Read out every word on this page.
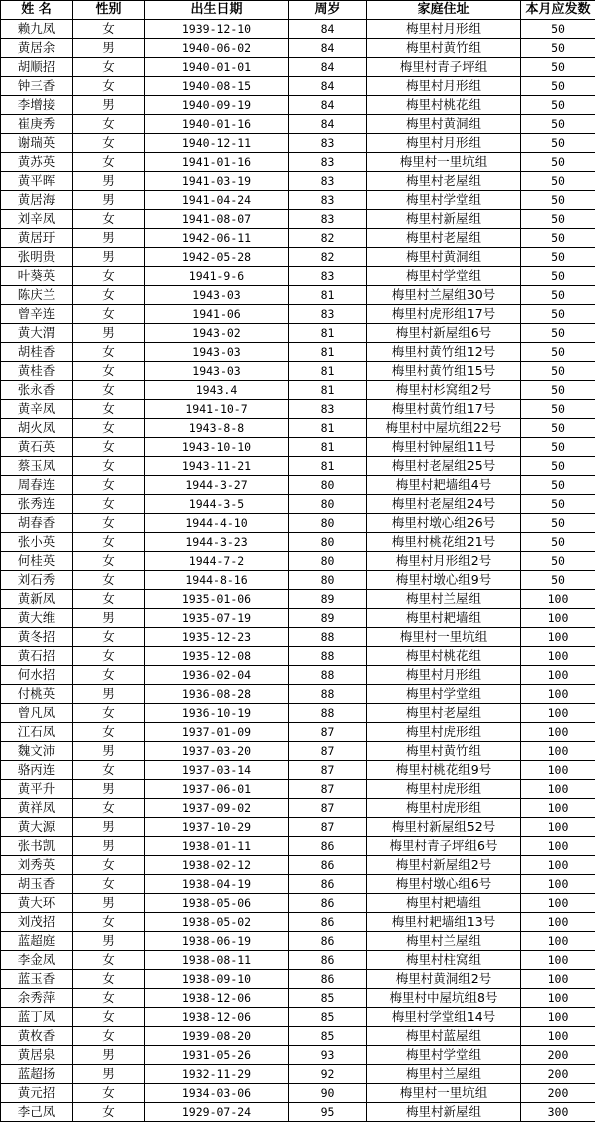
姓 名	性别	出生日期	周岁	家庭住址	本月应发数
赖九凤	女	1939-12-10	84	梅里村月形组	50
黄居余	男	1940-06-02	84	梅里村黄竹组	50
胡顺招	女	1940-01-01	84	梅里村青子坪组	50
钟三香	女	1940-08-15	84	梅里村月形组	50
李增接	男	1940-09-19	84	梅里村桃花组	50
崔庚秀	女	1940-01-16	84	梅里村黄洞组	50
谢瑞英	女	1940-12-11	83	梅里村月形组	50
黄苏英	女	1941-01-16	83	梅里村一里坑组	50
黄平晖	男	1941-03-19	83	梅里村老屋组	50
黄居海	男	1941-04-24	83	梅里村学堂组	50
刘辛凤	女	1941-08-07	83	梅里村新屋组	50
黄居玗	男	1942-06-11	82	梅里村老屋组	50
张明贵	男	1942-05-28	82	梅里村黄洞组	50
叶葵英	女	1941-9-6	83	梅里村学堂组	50
陈庆兰	女	1943-03	81	梅里村兰屋组30号	50
曾辛连	女	1941-06	83	梅里村虎形组17号	50
黄大渭	男	1943-02	81	梅里村新屋组6号	50
胡桂香	女	1943-03	81	梅里村黄竹组12号	50
黄桂香	女	1943-03	81	梅里村黄竹组15号	50
张永香	女	1943.4	81	梅里村杉窝组2号	50
黄辛凤	女	1941-10-7	83	梅里村黄竹组17号	50
胡火凤	女	1943-8-8	81	梅里村中屋坑组22号	50
黄石英	女	1943-10-10	81	梅里村钟屋组11号	50
蔡玉凤	女	1943-11-21	81	梅里村老屋组25号	50
周春连	女	1944-3-27	80	梅里村耙墙组4号	50
张秀连	女	1944-3-5	80	梅里村老屋组24号	50
胡春香	女	1944-4-10	80	梅里村墩心组26号	50
张小英	女	1944-3-23	80	梅里村桃花组21号	50
何桂英	女	1944-7-2	80	梅里村月形组2号	50
刘石秀	女	1944-8-16	80	梅里村墩心组9号	50
黄新凤	女	1935-01-06	89	梅里村兰屋组	100
黄大维	男	1935-07-19	89	梅里村耙墙组	100
黄冬招	女	1935-12-23	88	梅里村一里坑组	100
黄石招	女	1935-12-08	88	梅里村桃花组	100
何水招	女	1936-02-04	88	梅里村月形组	100
付桃英	男	1936-08-28	88	梅里村学堂组	100
曾凡凤	女	1936-10-19	88	梅里村老屋组	100
江石凤	女	1937-01-09	87	梅里村虎形组	100
魏文沛	男	1937-03-20	87	梅里村黄竹组	100
骆丙连	女	1937-03-14	87	梅里村桃花组9号	100
黄平升	男	1937-06-01	87	梅里村虎形组	100
黄祥凤	女	1937-09-02	87	梅里村虎形组	100
黄大源	男	1937-10-29	87	梅里村新屋组52号	100
张书凯	男	1938-01-11	86	梅里村青子坪组6号	100
刘秀英	女	1938-02-12	86	梅里村新屋组2号	100
胡玉香	女	1938-04-19	86	梅里村墩心组6号	100
黄大环	男	1938-05-06	86	梅里村耙墙组	100
刘茂招	女	1938-05-02	86	梅里村耙墙组13号	100
蓝超庭	男	1938-06-19	86	梅里村兰屋组	100
李金凤	女	1938-08-11	86	梅里村柱窝组	100
蓝玉香	女	1938-09-10	86	梅里村黄洞组2号	100
余秀萍	女	1938-12-06	85	梅里村中屋坑组8号	100
蓝丁凤	女	1938-12-06	85	梅里村学堂组14号	100
黄枚香	女	1939-08-20	85	梅里村蓝屋组	100
黄居泉	男	1931-05-26	93	梅里村学堂组	200
蓝超扬	男	1932-11-29	92	梅里村兰屋组	200
黄元招	女	1934-03-06	90	梅里村一里坑组	200
李己凤	女	1929-07-24	95	梅里村新屋组	300
